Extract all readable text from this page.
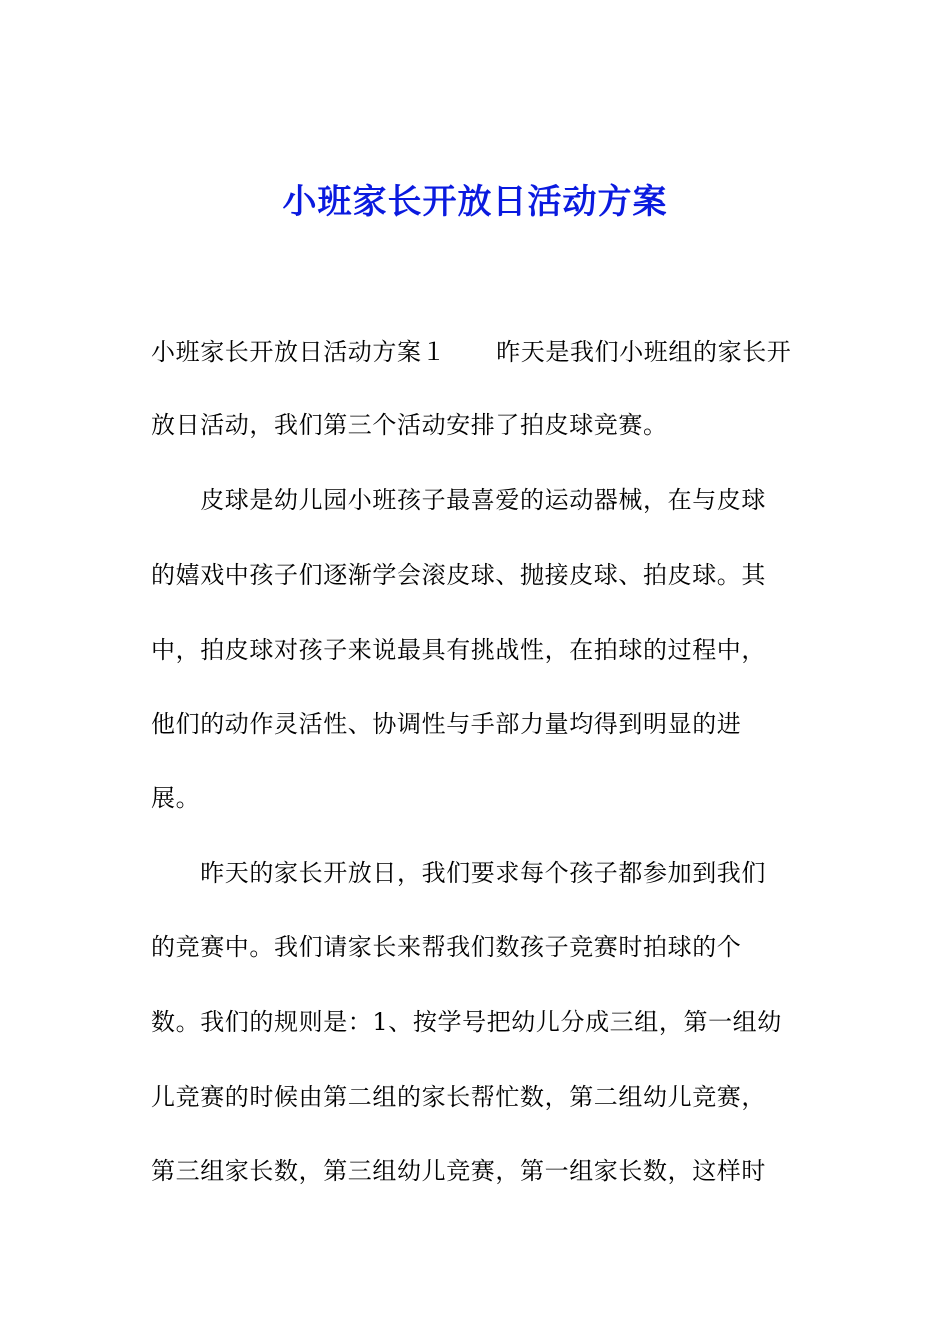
小班家长开放日活动方案
小班家长开放日活动方案１ 昨天是我们小班组的家长开
放日活动，我们第三个活动安排了拍皮球竞赛。
　　皮球是幼儿园小班孩子最喜爱的运动器械，在与皮球
的嬉戏中孩子们逐渐学会滚皮球、抛接皮球、拍皮球。其
中，拍皮球对孩子来说最具有挑战性，在拍球的过程中，
他们的动作灵活性、协调性与手部力量均得到明显的进
展。
　　昨天的家长开放日，我们要求每个孩子都参加到我们
的竞赛中。我们请家长来帮我们数孩子竞赛时拍球的个
数。我们的规则是：1、按学号把幼儿分成三组，第一组幼
儿竞赛的时候由第二组的家长帮忙数，第二组幼儿竞赛，
第三组家长数，第三组幼儿竞赛，第一组家长数，这样时
